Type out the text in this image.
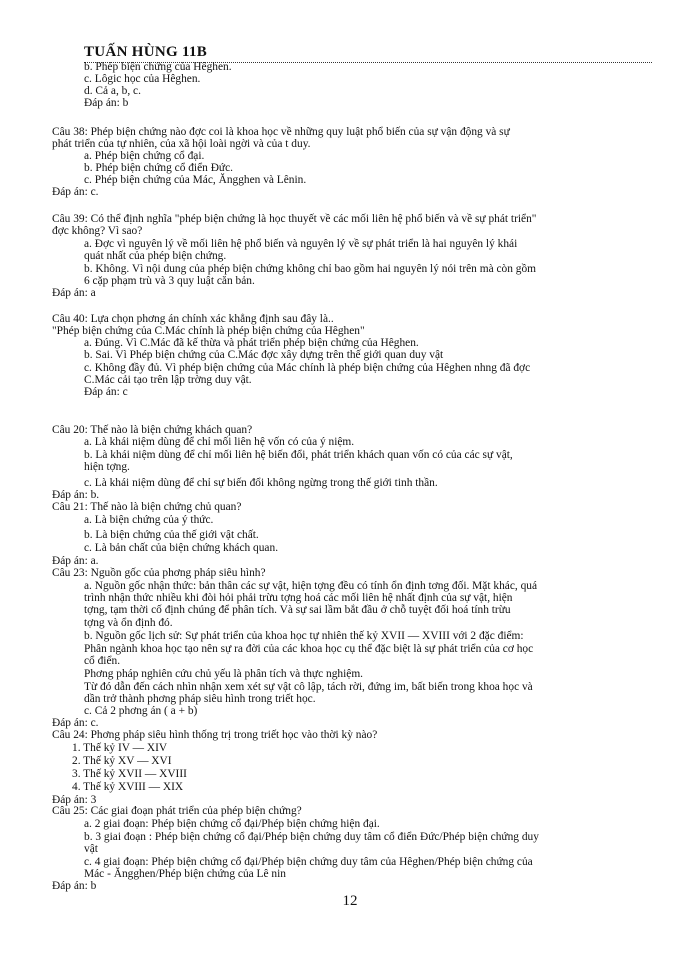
TUẤN HÙNG 11B
b. Phép biện chứng của Hêghen.
c. Lôgic học của Hêghen.
d. Cả a, b, c.
Đáp án: b
Câu 38: Phép biện chứng nào đợc coi là khoa học về những quy luật phổ biến của sự vận động và sự
phát triển của tự nhiên, của xã hội loài ngời và của t duy.
a. Phép biện chứng cổ đại.
b. Phép biện chứng cổ điển Đức.
c. Phép biện chứng của Mác, Ăngghen và Lênin.
Đáp án: c.
Câu 39: Có thể định nghĩa "phép biện chứng là học thuyết về các mối liên hệ phổ biến và về sự phát triển"
đợc không? Vì sao?
a. Đợc vì nguyên lý về mối liên hệ phổ biến và nguyên lý về sự phát triển là hai nguyên lý khái
quát nhất của phép biện chứng.
b. Không. Vì nội dung của phép biện chứng không chỉ bao gồm hai nguyên lý nói trên mà còn gồm
6 cặp phạm trù và 3 quy luật căn bản.
Đáp án: a
Câu 40: Lựa chọn phơng án chính xác khẳng định sau đây là..
"Phép biện chứng của C.Mác chính là phép biện chứng của Hêghen"
a. Đúng. Vì C.Mác đã kế thừa và phát triển phép biện chứng của Hêghen.
b. Sai. Vì Phép biện chứng của C.Mác đợc xây dựng trên thế giới quan duy vật
c. Không đầy đủ. Vì phép biện chứng của Mác chính là phép biện chứng của Hêghen nhng đã đợc
C.Mác cải tạo trên lập trờng duy vật.
Đáp án: c
Câu 20: Thế nào là biện chứng khách quan?
a. Là khái niệm dùng để chỉ mối liên hệ vốn có của ý niệm.
b. Là khái niệm dùng để chỉ mối liên hệ biến đổi, phát triển khách quan vốn có của các sự vật,
hiện tợng.
c. Là khái niệm dùng để chỉ sự biến đổi không ngừng trong thế giới tinh thần.
Đáp án: b.
Câu 21: Thế nào là biện chứng chủ quan?
a. Là biện chứng của ý thức.
b. Là biện chứng của thế giới vật chất.
c. Là bản chất của biện chứng khách quan.
Đáp án: a.
Câu 23: Nguồn gốc của phơng pháp siêu hình?
a. Nguồn gốc nhận thức: bản thân các sự vật, hiện tợng đều có tính ổn định tơng đối. Mặt khác, quá
trình nhận thức nhiều khi đòi hỏi phải trừu tợng hoá các mối liên hệ nhất định của sự vật, hiện
tợng, tạm thời cố định chúng để phân tích. Và sự sai lầm bắt đầu ở chỗ tuyệt đối hoá tính trừu
tợng và ổn định đó.
b. Nguồn gốc lịch sử: Sự phát triển của khoa học tự nhiên thế kỷ XVII — XVIII với 2 đặc điểm:
Phân ngành khoa học tạo nên sự ra đời của các khoa học cụ thể đặc biệt là sự phát triển của cơ học
cổ điển.
Phơng pháp nghiên cứu chủ yếu là phân tích và thực nghiệm.
Từ đó dẫn đến cách nhìn nhận xem xét sự vật cô lập, tách rời, đứng im, bất biến trong khoa học và
dần trở thành phơng pháp siêu hình trong triết học.
c. Cả 2 phơng án ( a + b)
Đáp án: c.
Câu 24: Phơng pháp siêu hình thống trị trong triết học vào thời kỳ nào?
1. Thế kỷ IV — XIV
2. Thế kỷ XV — XVI
3. Thế kỷ XVII — XVIII
4. Thế kỷ XVIII — XIX
Đáp án: 3
Câu 25: Các giai đoạn phát triển của phép biện chứng?
a. 2 giai đoạn: Phép biện chứng cổ đại/Phép biện chứng hiện đại.
b. 3 giai đoạn : Phép biện chứng cổ đại/Phép biện chứng duy tâm cổ điển Đức/Phép biện chứng duy
vật
c. 4 giai đoạn: Phép biện chứng cổ đại/Phép biện chứng duy tâm của Hêghen/Phép biện chứng của
Mác - Ăngghen/Phép biện chứng của Lê nin
Đáp án: b
12
